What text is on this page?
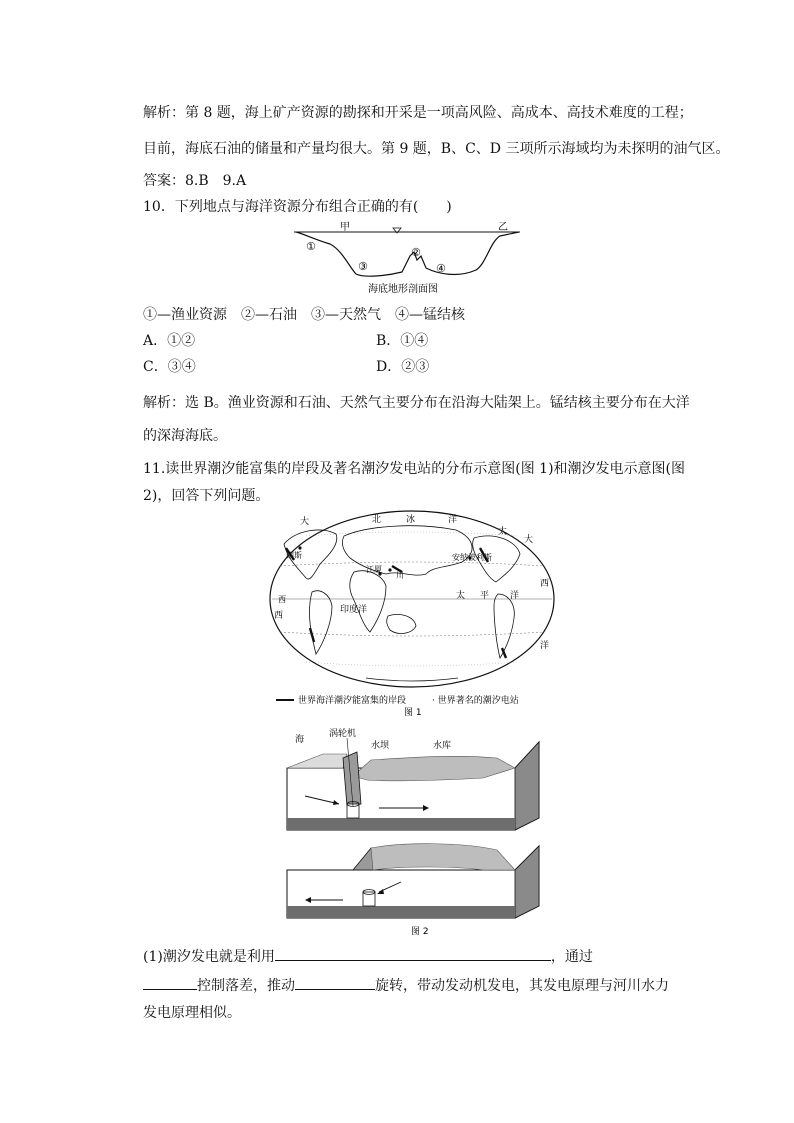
解析：第 8 题，海上矿产资源的勘探和开采是一项高风险、高成本、高技术难度的工程；
目前，海底石油的储量和产量均很大。第 9 题，B、C、D 三项所示海域均为未探明的油气区。
答案：8.B　9.A
10．下列地点与海洋资源分布组合正确的有(　　)
甲	乙
①	②
③	④
海底地形剖面图
①—渔业资源　②—石油　③—天然气　④—锰结核
A．①②	B．①④
C．③④	D．②③
解析：选 B。渔业资源和石油、天然气主要分布在沿海大陆架上。锰结核主要分布在大洋
的深海海底。
11.读世界潮汐能富集的岸段及著名潮汐发电站的分布示意图(图 1)和潮汐发电示意图(图
2)，回答下列问题。
大	北	冰	洋
大
太 平 洋
西
西
洋
印度洋
江厦
川
安纳波利斯
朗斯
太
西
世界海洋潮汐能富集的岸段	· 世界著名的潮汐电站
图 1
海
涡轮机
水坝	水库
图 2
(1)潮汐发电就是利用	，通过
控制落差，推动	旋转，带动发动机发电，其发电原理与河川水力
发电原理相似。
